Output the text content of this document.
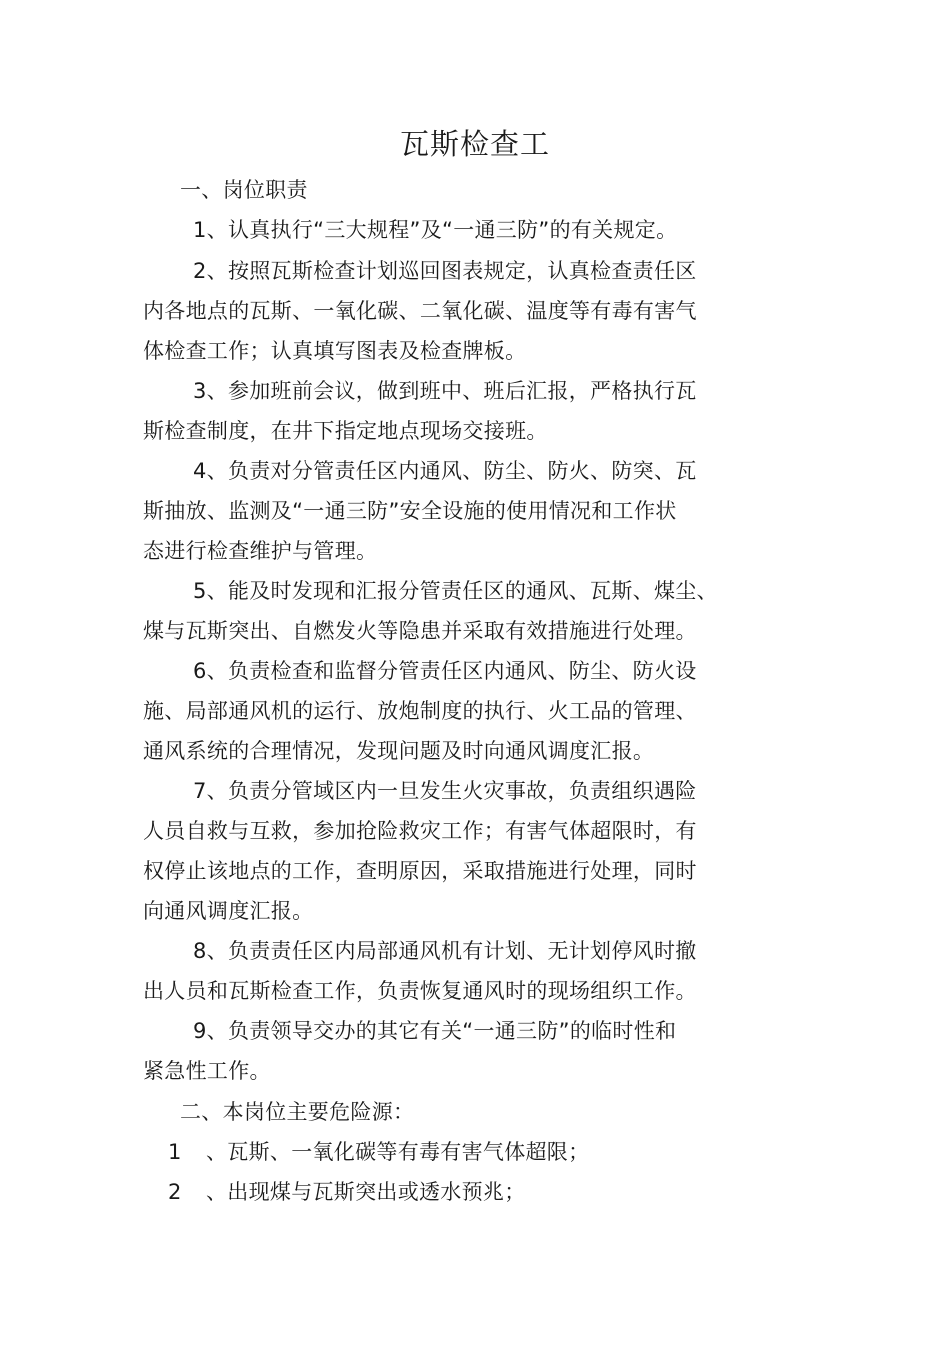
瓦斯检查工
一、岗位职责
1、认真执行“三大规程”及“一通三防”的有关规定。
2、按照瓦斯检查计划巡回图表规定，认真检查责任区
内各地点的瓦斯、一氧化碳、二氧化碳、温度等有毒有害气
体检查工作；认真填写图表及检查牌板。
3、参加班前会议，做到班中、班后汇报，严格执行瓦
斯检查制度，在井下指定地点现场交接班。
4、负责对分管责任区内通风、防尘、防火、防突、瓦
斯抽放、监测及“一通三防”安全设施的使用情况和工作状
态进行检查维护与管理。
5、能及时发现和汇报分管责任区的通风、瓦斯、煤尘、
煤与瓦斯突出、自燃发火等隐患并采取有效措施进行处理。
6、负责检查和监督分管责任区内通风、防尘、防火设
施、局部通风机的运行、放炮制度的执行、火工品的管理、
通风系统的合理情况，发现问题及时向通风调度汇报。
7、负责分管域区内一旦发生火灾事故，负责组织遇险
人员自救与互救，参加抢险救灾工作；有害气体超限时，有
权停止该地点的工作，查明原因，采取措施进行处理，同时
向通风调度汇报。
8、负责责任区内局部通风机有计划、无计划停风时撤
出人员和瓦斯检查工作，负责恢复通风时的现场组织工作。
9、负责领导交办的其它有关“一通三防”的临时性和
紧急性工作。
二、本岗位主要危险源：
1 、瓦斯、一氧化碳等有毒有害气体超限；
2 、出现煤与瓦斯突出或透水预兆；
